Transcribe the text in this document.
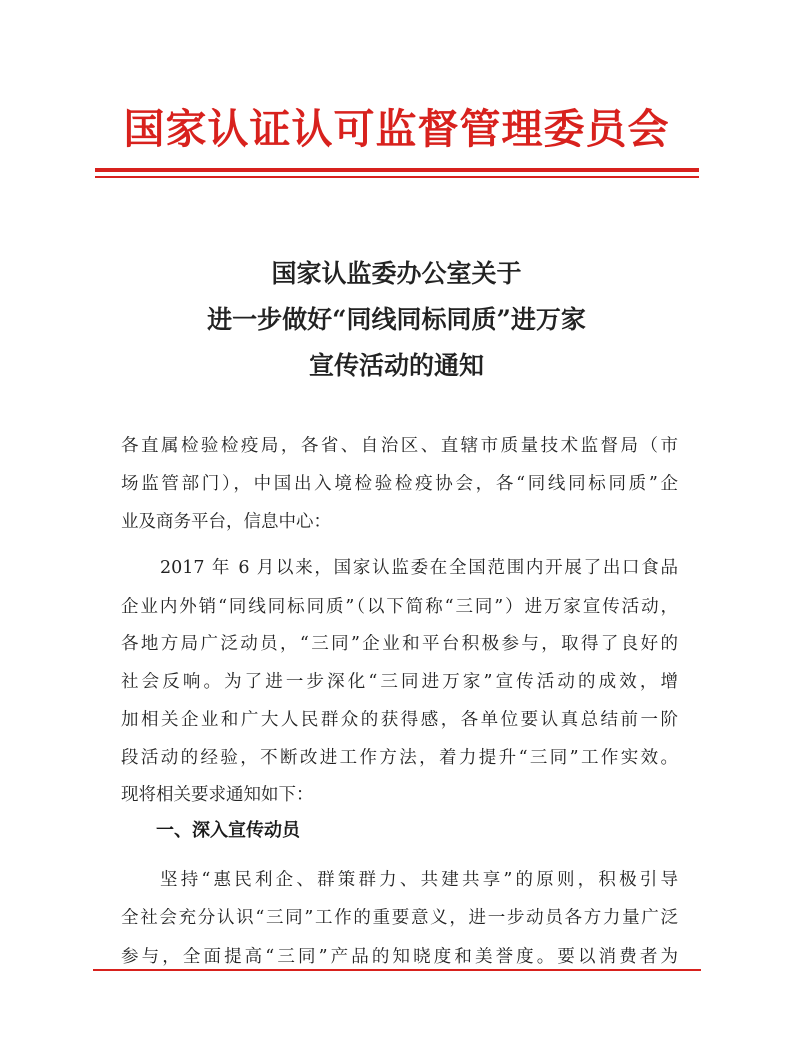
国家认证认可监督管理委员会
国家认监委办公室关于
进一步做好“同线同标同质”进万家
宣传活动的通知
各直属检验检疫局，各省、自治区、直辖市质量技术监督局（市
场监管部门），中国出入境检验检疫协会，各“同线同标同质”企
业及商务平台，信息中心：
2017 年 6 月以来，国家认监委在全国范围内开展了出口食品
企业内外销“同线同标同质”（以下简称“三同”）进万家宣传活动，
各地方局广泛动员，“三同”企业和平台积极参与，取得了良好的
社会反响。为了进一步深化“三同进万家”宣传活动的成效，增
加相关企业和广大人民群众的获得感，各单位要认真总结前一阶
段活动的经验，不断改进工作方法，着力提升“三同”工作实效。
现将相关要求通知如下：
一、深入宣传动员
坚持“惠民利企、群策群力、共建共享”的原则，积极引导
全社会充分认识“三同”工作的重要意义，进一步动员各方力量广泛
参与，全面提高“三同”产品的知晓度和美誉度。要以消费者为
